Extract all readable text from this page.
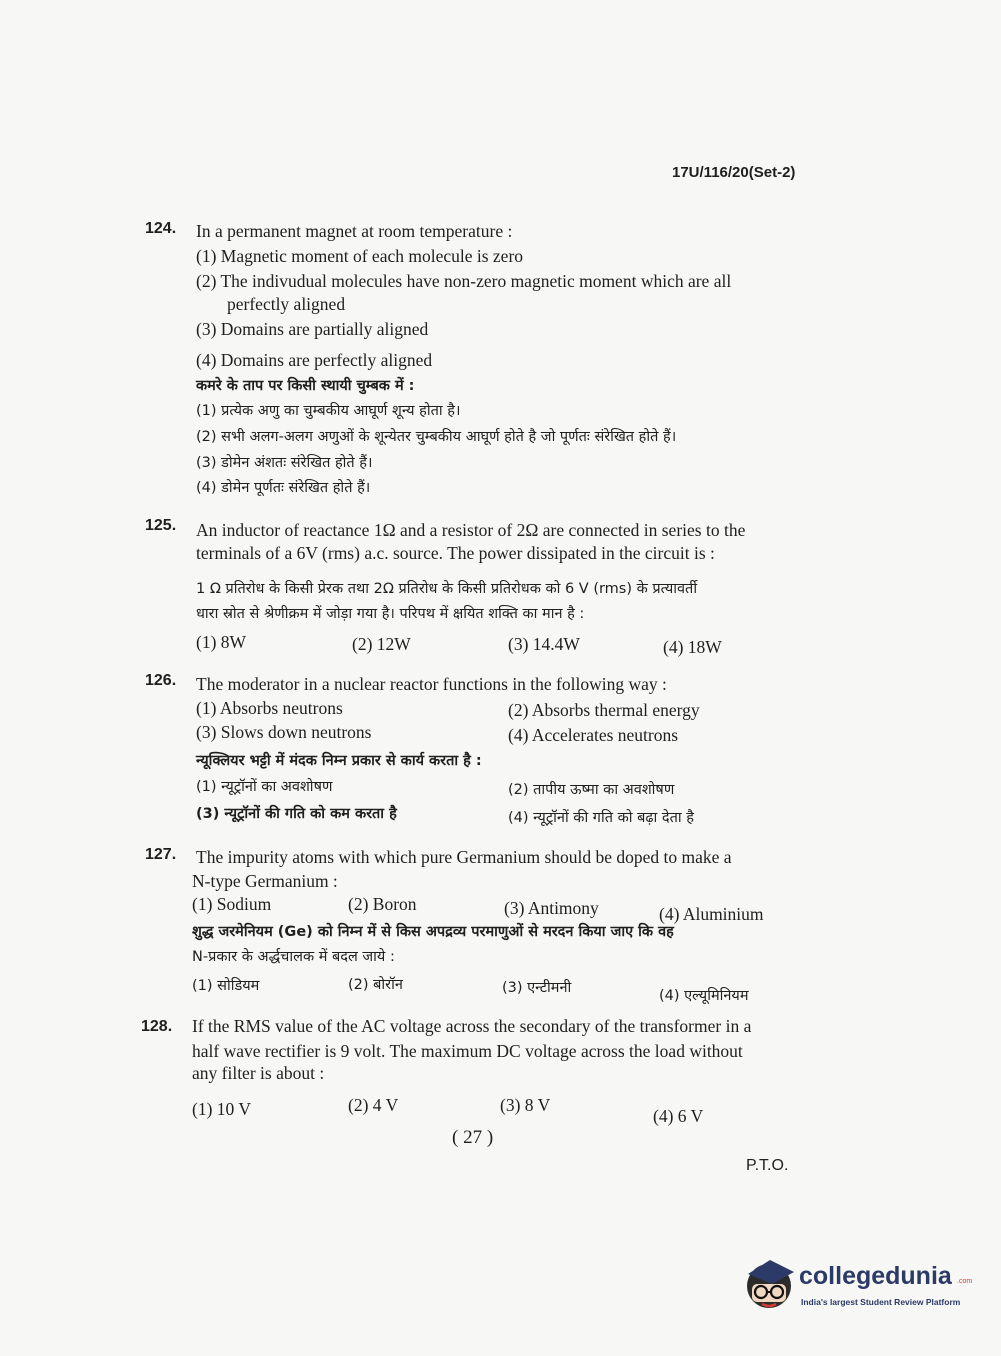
17U/116/20(Set-2)
124. In a permanent magnet at room temperature :
(1) Magnetic moment of each molecule is zero
(2) The indivudual molecules have non-zero magnetic moment which are all
perfectly aligned
(3) Domains are partially aligned
(4) Domains are perfectly aligned
कमरे के ताप पर किसी स्थायी चुम्बक में :
(1) प्रत्येक अणु का चुम्बकीय आघूर्ण शून्य होता है।
(2) सभी अलग-अलग अणुओं के शून्येतर चुम्बकीय आघूर्ण होते है जो पूर्णतः संरेखित होते हैं।
(3) डोमेन अंशतः संरेखित होते हैं।
(4) डोमेन पूर्णतः संरेखित होते हैं।
125. An inductor of reactance 1Ω and a resistor of 2Ω are connected in series to the
terminals of a 6V (rms) a.c. source. The power dissipated in the circuit is :
1 Ω प्रतिरोध के किसी प्रेरक तथा 2Ω प्रतिरोध के किसी प्रतिरोधक को 6 V (rms) के प्रत्यावर्ती
धारा स्रोत से श्रेणीक्रम में जोड़ा गया है। परिपथ में क्षयित शक्ति का मान है :
(1) 8W	(2) 12W	(3) 14.4W	(4) 18W
126. The moderator in a nuclear reactor functions in the following way :
(1) Absorbs neutrons	(2) Absorbs thermal energy
(3) Slows down neutrons	(4) Accelerates neutrons
न्यूक्लियर भट्टी में मंदक निम्न प्रकार से कार्य करता है :
(1) न्यूट्रॉनों का अवशोषण	(2) तापीय ऊष्मा का अवशोषण
(3) न्यूट्रॉनों की गति को कम करता है	(4) न्यूट्रॉनों की गति को बढ़ा देता है
127. The impurity atoms with which pure Germanium should be doped to make a
N-type Germanium :
(1) Sodium	(2) Boron	(3) Antimony	(4) Aluminium
शुद्ध जरमेनियम (Ge) को निम्न में से किस अपद्रव्य परमाणुओं से मरदन किया जाए कि वह
N-प्रकार के अर्द्धचालक में बदल जाये :
(1) सोडियम	(2) बोरॉन	(3) एन्टीमनी	(4) एल्यूमिनियम
128. If the RMS value of the AC voltage across the secondary of the transformer in a
half wave rectifier is 9 volt. The maximum DC voltage across the load without
any filter is about :
(1) 10 V	(2) 4 V	(3) 8 V
(4) 6 V
( 27 )
P.T.O.
collegedunia .com
India's largest Student Review Platform
